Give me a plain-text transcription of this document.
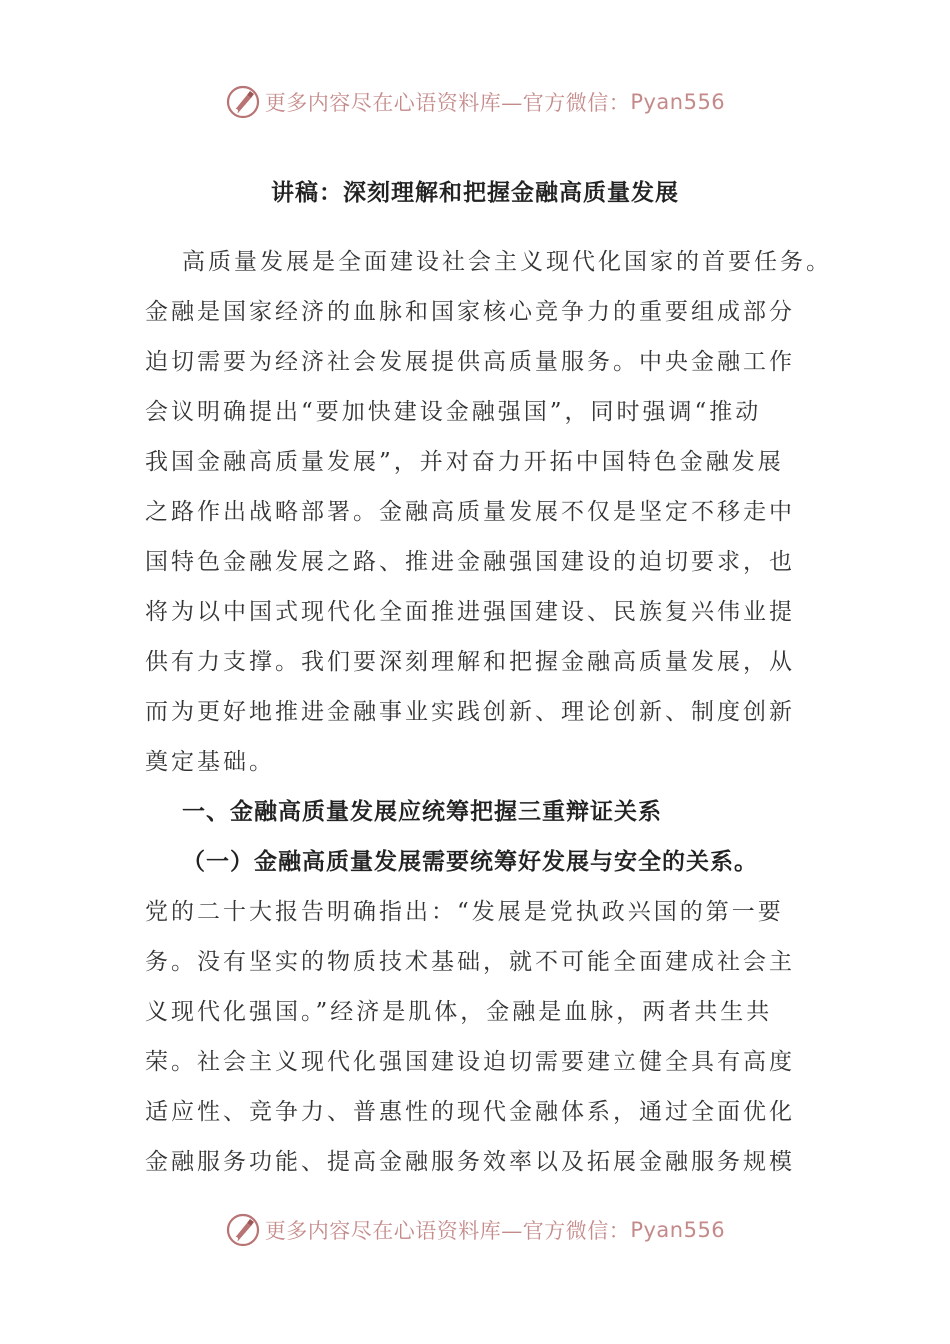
更多内容尽在心语资料库—官方微信： Pyan556
讲稿：深刻理解和把握金融高质量发展
高质量发展是全面建设社会主义现代化国家的首要任务。
金融是国家经济的血脉和国家核心竞争力的重要组成部分
迫切需要为经济社会发展提供高质量服务。中央金融工作
会议明确提出“要加快建设金融强国”，同时强调“推动
我国金融高质量发展”，并对奋力开拓中国特色金融发展
之路作出战略部署。金融高质量发展不仅是坚定不移走中
国特色金融发展之路、推进金融强国建设的迫切要求，也
将为以中国式现代化全面推进强国建设、民族复兴伟业提
供有力支撑。我们要深刻理解和把握金融高质量发展，从
而为更好地推进金融事业实践创新、理论创新、制度创新
奠定基础。
一、金融高质量发展应统筹把握三重辩证关系
（一）金融高质量发展需要统筹好发展与安全的关系。
党的二十大报告明确指出：“发展是党执政兴国的第一要
务。没有坚实的物质技术基础，就不可能全面建成社会主
义现代化强国。”经济是肌体，金融是血脉，两者共生共
荣。社会主义现代化强国建设迫切需要建立健全具有高度
适应性、竞争力、普惠性的现代金融体系，通过全面优化
金融服务功能、提高金融服务效率以及拓展金融服务规模
更多内容尽在心语资料库—官方微信： Pyan556
